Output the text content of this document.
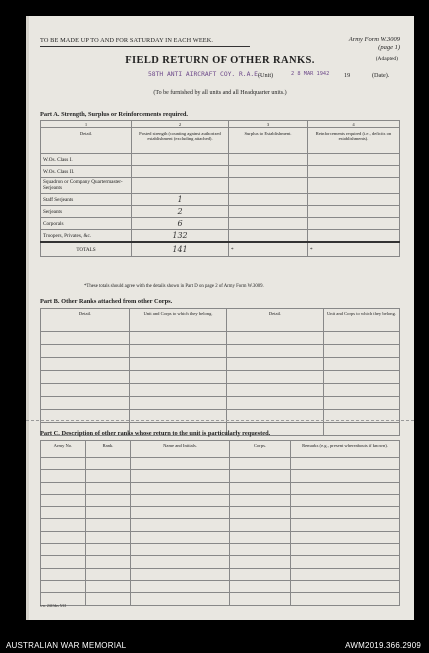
TO BE MADE UP TO AND FOR SATURDAY IN EACH WEEK.	Army Form W.3009
(page 1)
FIELD RETURN OF OTHER RANKS.	(Adapted)
58TH ANTI AIRCRAFT COY. R.A.E.
(Unit)	2 8 MAR 1942 19	(Date).
(To be furnished by all units and all Headquarter units.)
Part A. Strength, Surplus or Reinforcements required.
1	2	3	4
Detail.	Posted strength (counting against authorized establishment (excluding attached).	Surplus to Establishment.	Reinforcements required (i.e., deficits on establishments).
W.Os. Class I.			
W.Os. Class II.			
Squadron or Company Quartermaster-Serjeants			
Staff Serjeants	1		
Serjeants	2		
Corporals	6		
Troopers, Privates, &c.	132		
TOTALS	141	*	*
*These totals should agree with the details shown in Part D on page 2 of Army Form W.3009.
Part B. Other Ranks attached from other Corps.
Detail.	Unit and Corps to which they belong.	Detail.	Unit and Corps to which they belong.

Part C. Description of other ranks whose return to the unit is particularly requested.
Army No.	Rank.	Name and Initials.	Corps.	Remarks (e.g., present whereabouts if known).

s.w. 244 bks 5/41
AUSTRALIAN WAR MEMORIAL	AWM2019.366.2909
